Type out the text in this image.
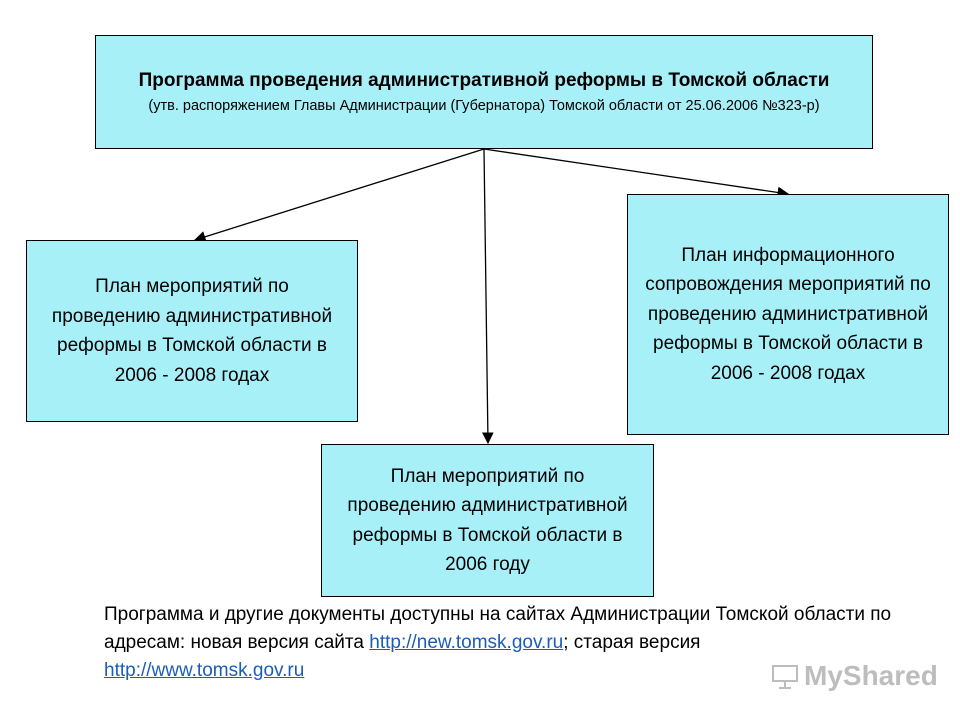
Программа проведения административной реформы в Томской области
(утв. распоряжением Главы Администрации (Губернатора) Томской области от 25.06.2006 №323-р)
План мероприятий по проведению административной реформы в Томской области в 2006 - 2008 годах
План информационного сопровождения мероприятий по проведению административной реформы в Томской области в 2006 - 2008 годах
План мероприятий по проведению административной реформы в Томской области в 2006 году
Программа и другие документы доступны на сайтах Администрации Томской области по адресам: новая версия сайта http://new.tomsk.gov.ru; старая версия http://www.tomsk.gov.ru	MyShared
